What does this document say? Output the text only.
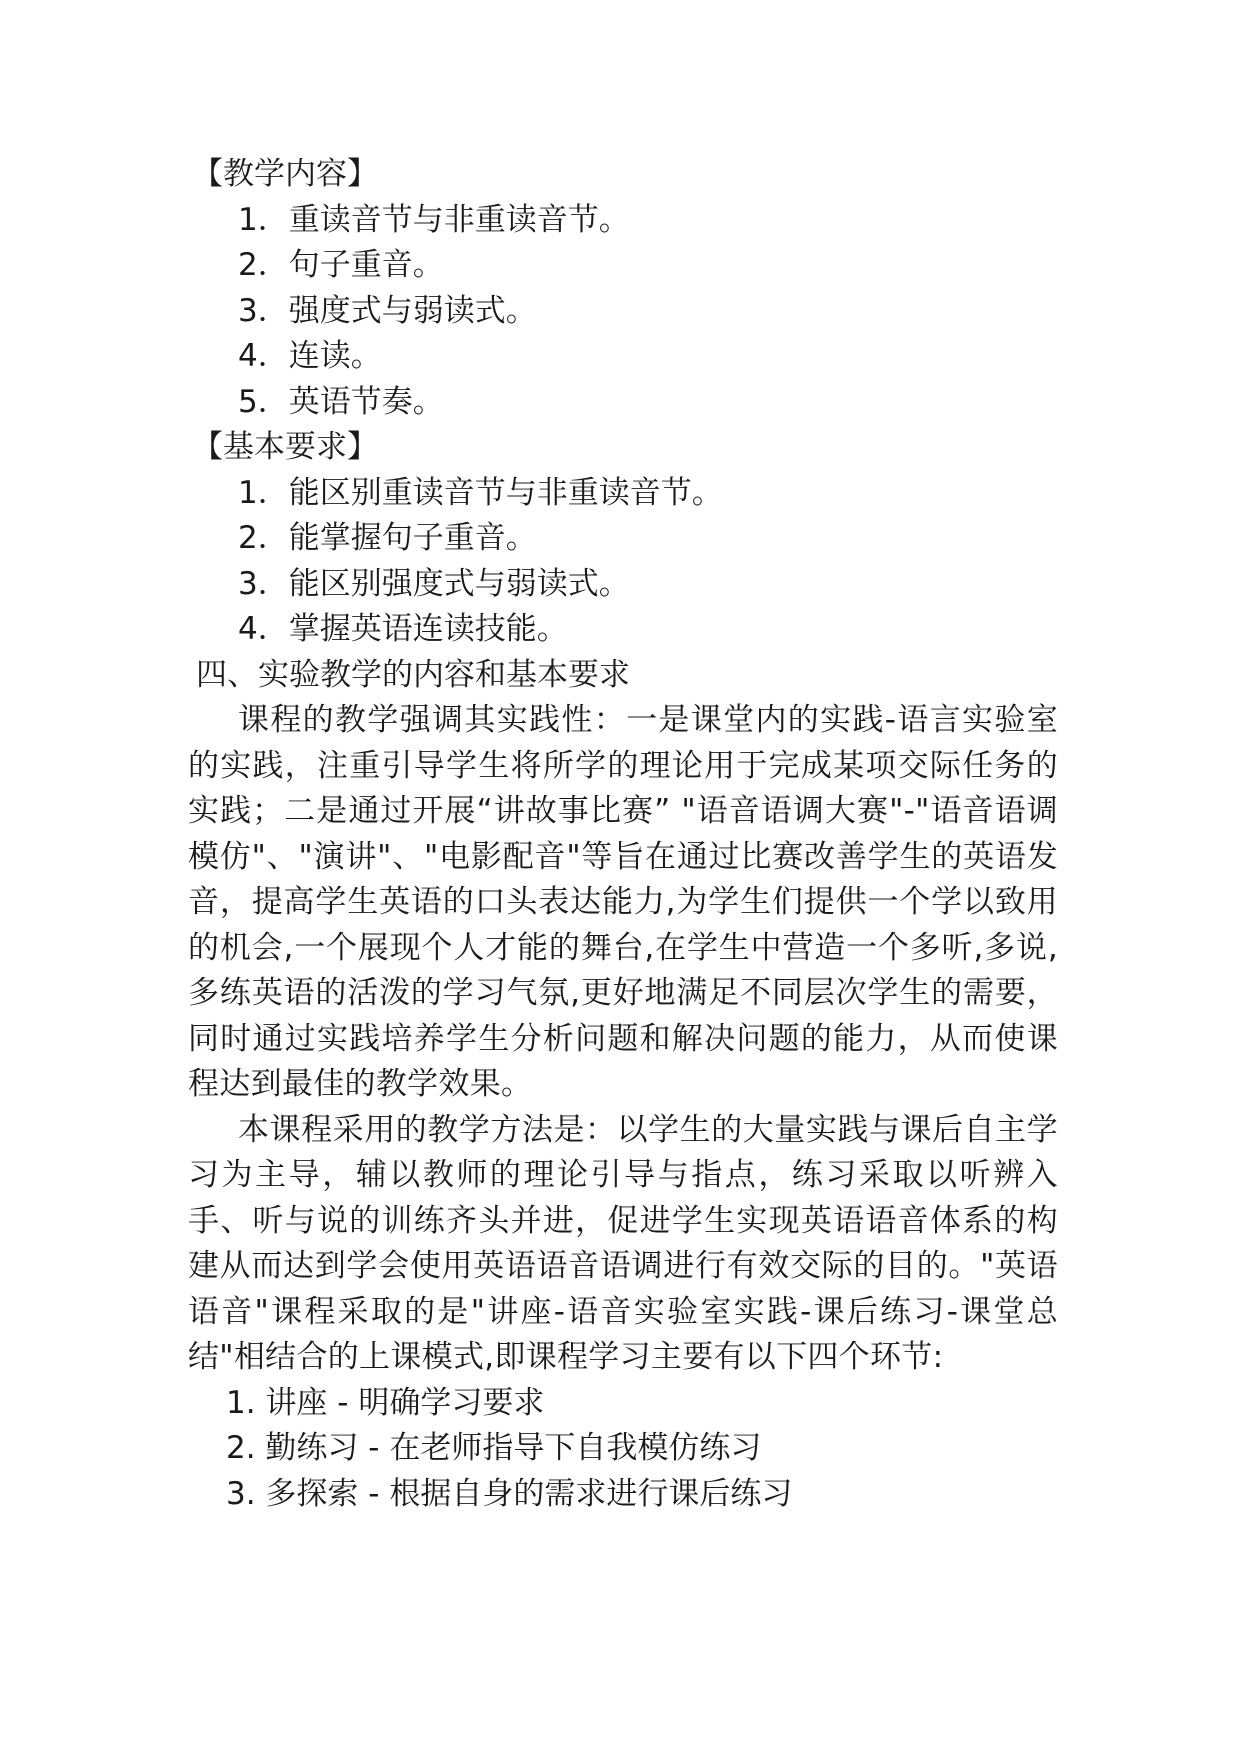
【教学内容】
1．重读音节与非重读音节。
2．句子重音。
3．强度式与弱读式。
4．连读。
5．英语节奏。
【基本要求】
1．能区别重读音节与非重读音节。
2．能掌握句子重音。
3．能区别强度式与弱读式。
4．掌握英语连读技能。
四、实验教学的内容和基本要求
课程的教学强调其实践性：一是课堂内的实践-语言实验室的实践，注重引导学生将所学的理论用于完成某项交际任务的实践；二是通过开展“讲故事比赛” "语音语调大赛"-"语音语调模仿"、"演讲"、"电影配音"等旨在通过比赛改善学生的英语发音，提高学生英语的口头表达能力,为学生们提供一个学以致用的机会,一个展现个人才能的舞台,在学生中营造一个多听,多说,多练英语的活泼的学习气氛,更好地满足不同层次学生的需要，同时通过实践培养学生分析问题和解决问题的能力，从而使课程达到最佳的教学效果。
本课程采用的教学方法是：以学生的大量实践与课后自主学习为主导，辅以教师的理论引导与指点，练习采取以听辨入手、听与说的训练齐头并进，促进学生实现英语语音体系的构建从而达到学会使用英语语音语调进行有效交际的目的。"英语语音"课程采取的是"讲座-语音实验室实践-课后练习-课堂总结"相结合的上课模式,即课程学习主要有以下四个环节:
1. 讲座 - 明确学习要求
2. 勤练习 - 在老师指导下自我模仿练习
3. 多探索 - 根据自身的需求进行课后练习
